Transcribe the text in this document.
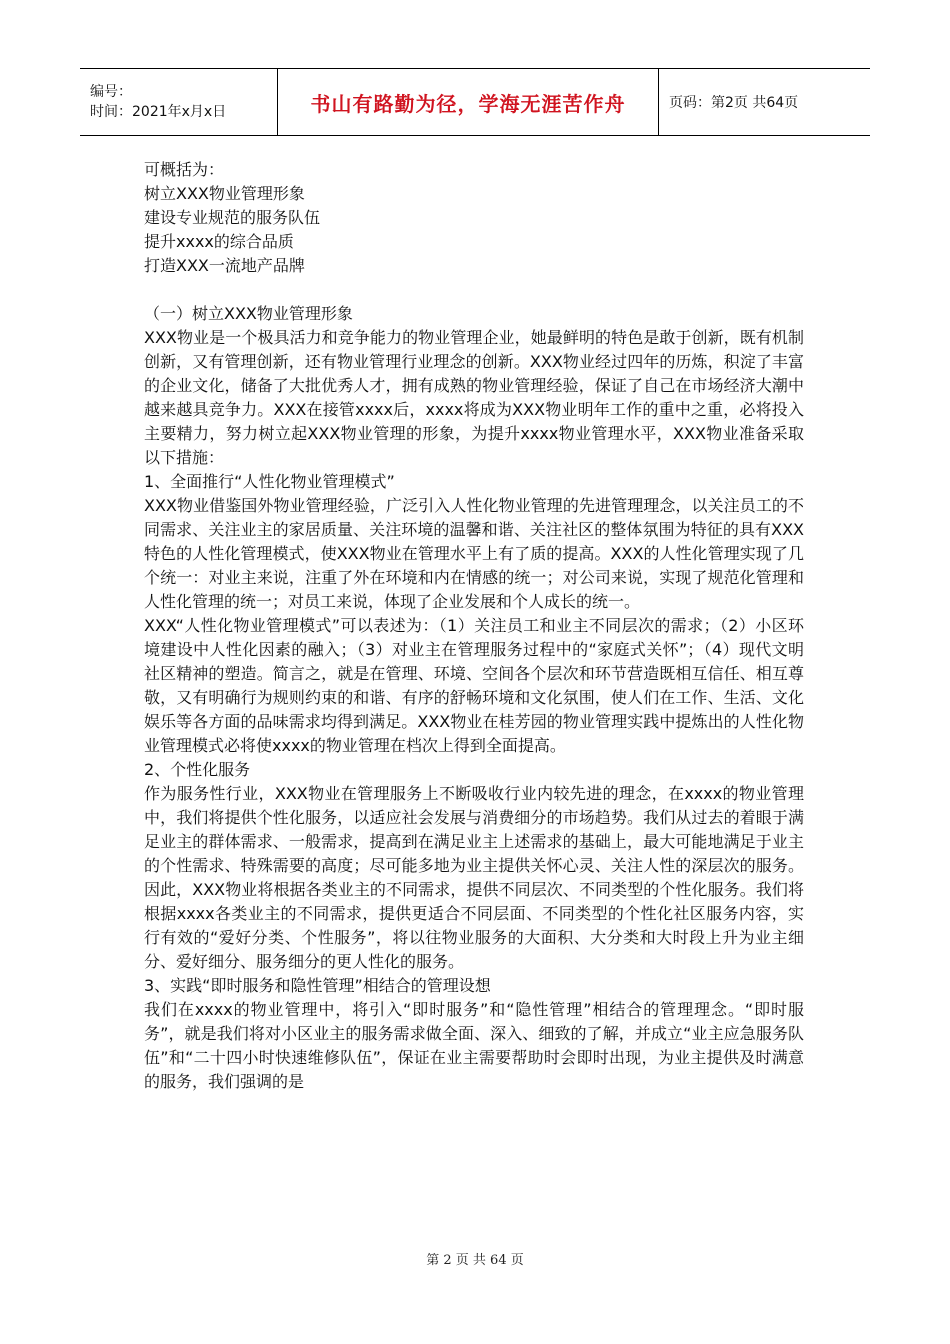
编号：
时间：2021年x月x日	书山有路勤为径，学海无涯苦作舟	页码：第2页 共64页

可概括为：

树立XXX物业管理形象

建设专业规范的服务队伍

提升xxxx的综合品质

打造XXX一流地产品牌

（一）树立XXX物业管理形象

XXX物业是一个极具活力和竞争能力的物业管理企业，她最鲜明的特色是敢于创新，既有机制创新，又有管理创新，还有物业管理行业理念的创新。XXX物业经过四年的历炼，积淀了丰富的企业文化，储备了大批优秀人才，拥有成熟的物业管理经验，保证了自己在市场经济大潮中越来越具竞争力。XXX在接管xxxx后，xxxx将成为XXX物业明年工作的重中之重，必将投入主要精力，努力树立起XXX物业管理的形象，为提升xxxx物业管理水平，XXX物业准备采取以下措施：

1、全面推行“人性化物业管理模式”

XXX物业借鉴国外物业管理经验，广泛引入人性化物业管理的先进管理理念，以关注员工的不同需求、关注业主的家居质量、关注环境的温馨和谐、关注社区的整体氛围为特征的具有XXX特色的人性化管理模式，使XXX物业在管理水平上有了质的提高。XXX的人性化管理实现了几个统一：对业主来说，注重了外在环境和内在情感的统一；对公司来说，实现了规范化管理和人性化管理的统一；对员工来说，体现了企业发展和个人成长的统一。

XXX“人性化物业管理模式”可以表述为：（1）关注员工和业主不同层次的需求；（2）小区环境建设中人性化因素的融入；（3）对业主在管理服务过程中的“家庭式关怀”；（4）现代文明社区精神的塑造。简言之，就是在管理、环境、空间各个层次和环节营造既相互信任、相互尊敬，又有明确行为规则约束的和谐、有序的舒畅环境和文化氛围，使人们在工作、生活、文化娱乐等各方面的品味需求均得到满足。XXX物业在桂芳园的物业管理实践中提炼出的人性化物业管理模式必将使xxxx的物业管理在档次上得到全面提高。

2、个性化服务

作为服务性行业，XXX物业在管理服务上不断吸收行业内较先进的理念，在xxxx的物业管理中，我们将提供个性化服务，以适应社会发展与消费细分的市场趋势。我们从过去的着眼于满足业主的群体需求、一般需求，提高到在满足业主上述需求的基础上，最大可能地满足于业主的个性需求、特殊需要的高度；尽可能多地为业主提供关怀心灵、关注人性的深层次的服务。因此，XXX物业将根据各类业主的不同需求，提供不同层次、不同类型的个性化服务。我们将根据xxxx各类业主的不同需求，提供更适合不同层面、不同类型的个性化社区服务内容，实行有效的“爱好分类、个性服务”，将以往物业服务的大面积、大分类和大时段上升为业主细分、爱好细分、服务细分的更人性化的服务。

3、实践“即时服务和隐性管理”相结合的管理设想

我们在xxxx的物业管理中，将引入“即时服务”和“隐性管理”相结合的管理理念。“即时服务”，就是我们将对小区业主的服务需求做全面、深入、细致的了解，并成立“业主应急服务队伍”和“二十四小时快速维修队伍”，保证在业主需要帮助时会即时出现，为业主提供及时满意的服务，我们强调的是

第 2 页 共 64 页
